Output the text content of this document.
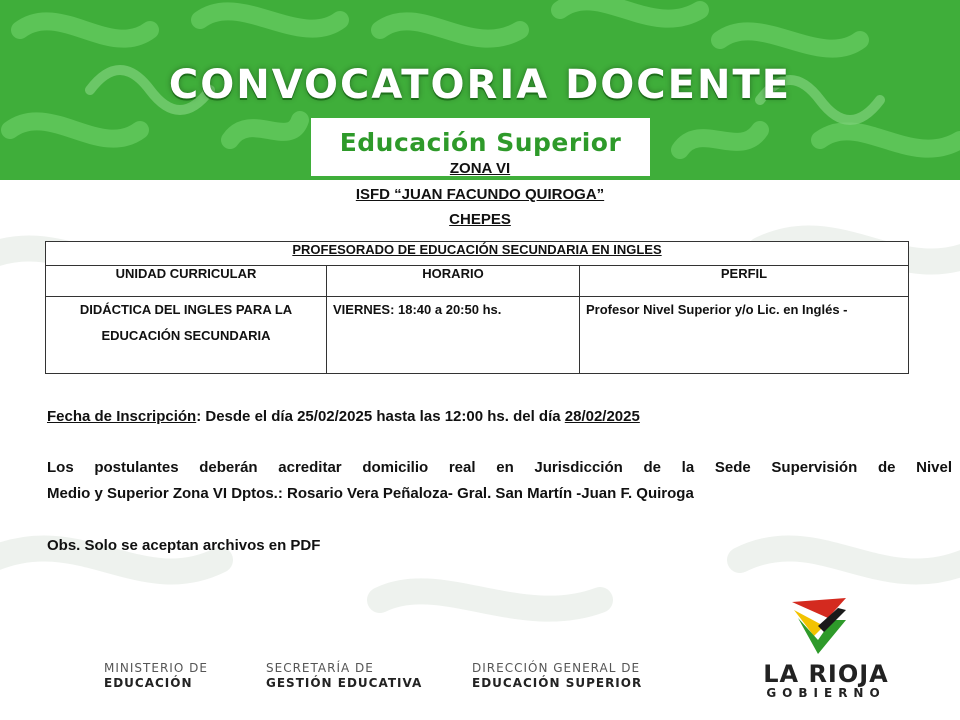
CONVOCATORIA DOCENTE
Educación Superior
ZONA VI
ISFD “JUAN FACUNDO QUIROGA”
CHEPES
PROFESORADO DE EDUCACIÓN SECUNDARIA EN INGLES		
UNIDAD CURRICULAR	HORARIO	PERFIL
DIDÁCTICA DEL INGLES PARA LA EDUCACIÓN SECUNDARIA	VIERNES: 18:40 a 20:50 hs.	Profesor Nivel Superior y/o Lic. en Inglés -
Fecha de Inscripción: Desde el día 25/02/2025 hasta las 12:00 hs. del día 28/02/2025
Los postulantes deberán acreditar domicilio real en Jurisdicción de la Sede Supervisión de Nivel
Medio y Superior Zona VI Dptos.: Rosario Vera Peñaloza- Gral. San Martín -Juan F. Quiroga
Obs. Solo se aceptan archivos en PDF
MINISTERIO DE
EDUCACIÓN
SECRETARÍA DE
GESTIÓN EDUCATIVA
DIRECCIÓN GENERAL DE
EDUCACIÓN SUPERIOR	LA RIOJA
GOBIERNO
